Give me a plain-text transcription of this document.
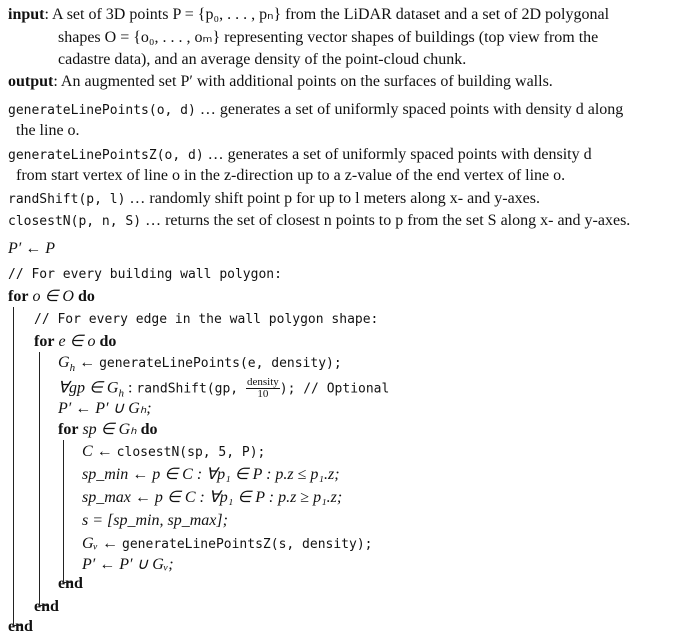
input: A set of 3D points P = {p₀, . . . , pₙ} from the LiDAR dataset and a set of 2D polygonal
shapes O = {o₀, . . . , oₘ} representing vector shapes of buildings (top view from the
cadastre data), and an average density of the point-cloud chunk.
output: An augmented set P′ with additional points on the surfaces of building walls.
generateLinePoints(o, d) … generates a set of uniformly spaced points with density d along
the line o.
generateLinePointsZ(o, d) … generates a set of uniformly spaced points with density d
from start vertex of line o in the z-direction up to a z-value of the end vertex of line o.
randShift(p, l) … randomly shift point p for up to l meters along x- and y-axes.
closestN(p, n, S) … returns the set of closest n points to p from the set S along x- and y-axes.
P′ ← P
// For every building wall polygon:
for o ∈ O do
// For every edge in the wall polygon shape:
for e ∈ o do
$G_h$ ← generateLinePoints(e, density);
∀gp ∈ $G_h$ : randShift(gp, density
10 ); // Optional
P′ ← P′ ∪ Gₕ;
for sp ∈ Gₕ do
C ← closestN(sp, 5, P);
sp_min ← p ∈ C : ∀p₁ ∈ P : p.z ≤ p₁.z;
sp_max ← p ∈ C : ∀p₁ ∈ P : p.z ≥ p₁.z;
s = [sp_min, sp_max];
Gᵥ ← generateLinePointsZ(s, density);
P′ ← P′ ∪ Gᵥ;
end
end
end
